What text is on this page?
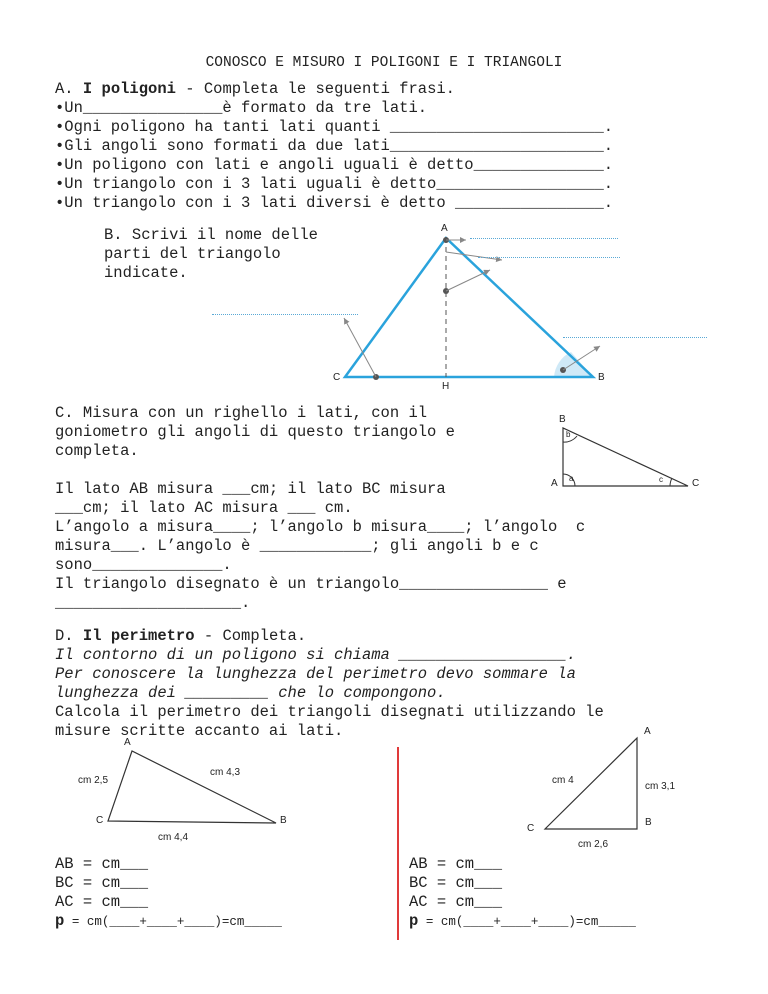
CONOSCO E MISURO I POLIGONI E I TRIANGOLI
A. I poligoni - Completa le seguenti frasi.
•Un_______________è formato da tre lati.
•Ogni poligono ha tanti lati quanti _______________________.
•Gli angoli sono formati da due lati_______________________.
•Un poligono con lati e angoli uguali è detto______________.
•Un triangolo con i 3 lati uguali è detto__________________.
•Un triangolo con i 3 lati diversi è detto ________________.
B. Scrivi il nome delle
parti del triangolo
indicate.
A
C	B
H
C. Misura con un righello i lati, con il
goniometro gli angoli di questo triangolo e
completa.
Il lato AB misura ___cm; il lato BC misura
___cm; il lato AC misura ___ cm.
L’angolo a misura____; l’angolo b misura____; l’angolo  c
misura___. L’angolo è ____________; gli angoli b e c
sono______________.
Il triangolo disegnato è un triangolo________________ e
____________________.
B
A	C
b
a	c
D. Il perimetro - Completa.
Il contorno di un poligono si chiama __________________.
Per conoscere la lunghezza del perimetro devo sommare la
lunghezza dei _________ che lo compongono.
Calcola il perimetro dei triangoli disegnati utilizzando le
misure scritte accanto ai lati.
A
C	B
cm 2,5
cm 4,3
cm 4,4
AB = cm___
BC = cm___
AC = cm___
p = cm(____+____+____)=cm_____
A
C
B
cm 4
cm 3,1
cm 2,6
AB = cm___
BC = cm___
AC = cm___
p = cm(____+____+____)=cm_____
